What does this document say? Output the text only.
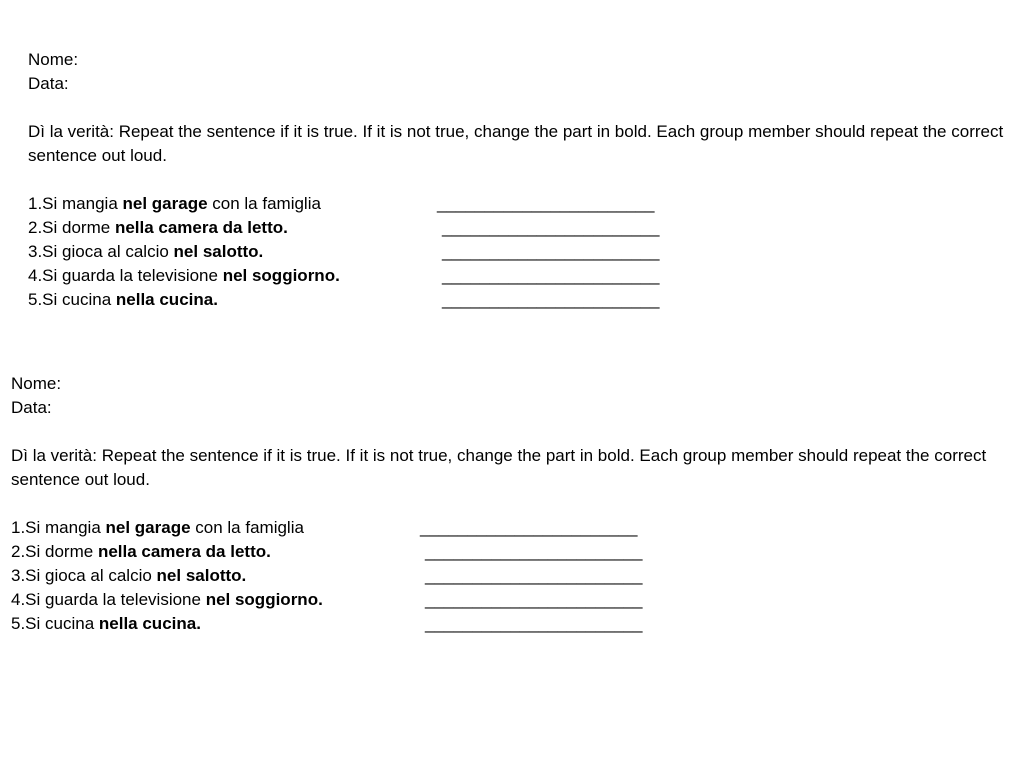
Nome:
Data:
Dì la verità: Repeat the sentence if it is true. If it is not true, change the part in bold. Each group member should repeat the correct sentence out loud.
1.Si mangia nel garage con la famiglia	_______________________
2.Si dorme nella camera da letto.	_______________________
3.Si gioca al calcio nel salotto.	_______________________
4.Si guarda la televisione nel soggiorno.	_______________________
5.Si cucina nella cucina.	_______________________
Nome:
Data:
Dì la verità: Repeat the sentence if it is true. If it is not true, change the part in bold. Each group member should repeat the correct sentence out loud.
1.Si mangia nel garage con la famiglia	_______________________
2.Si dorme nella camera da letto.	_______________________
3.Si gioca al calcio nel salotto.	_______________________
4.Si guarda la televisione nel soggiorno.	_______________________
5.Si cucina nella cucina.	_______________________
